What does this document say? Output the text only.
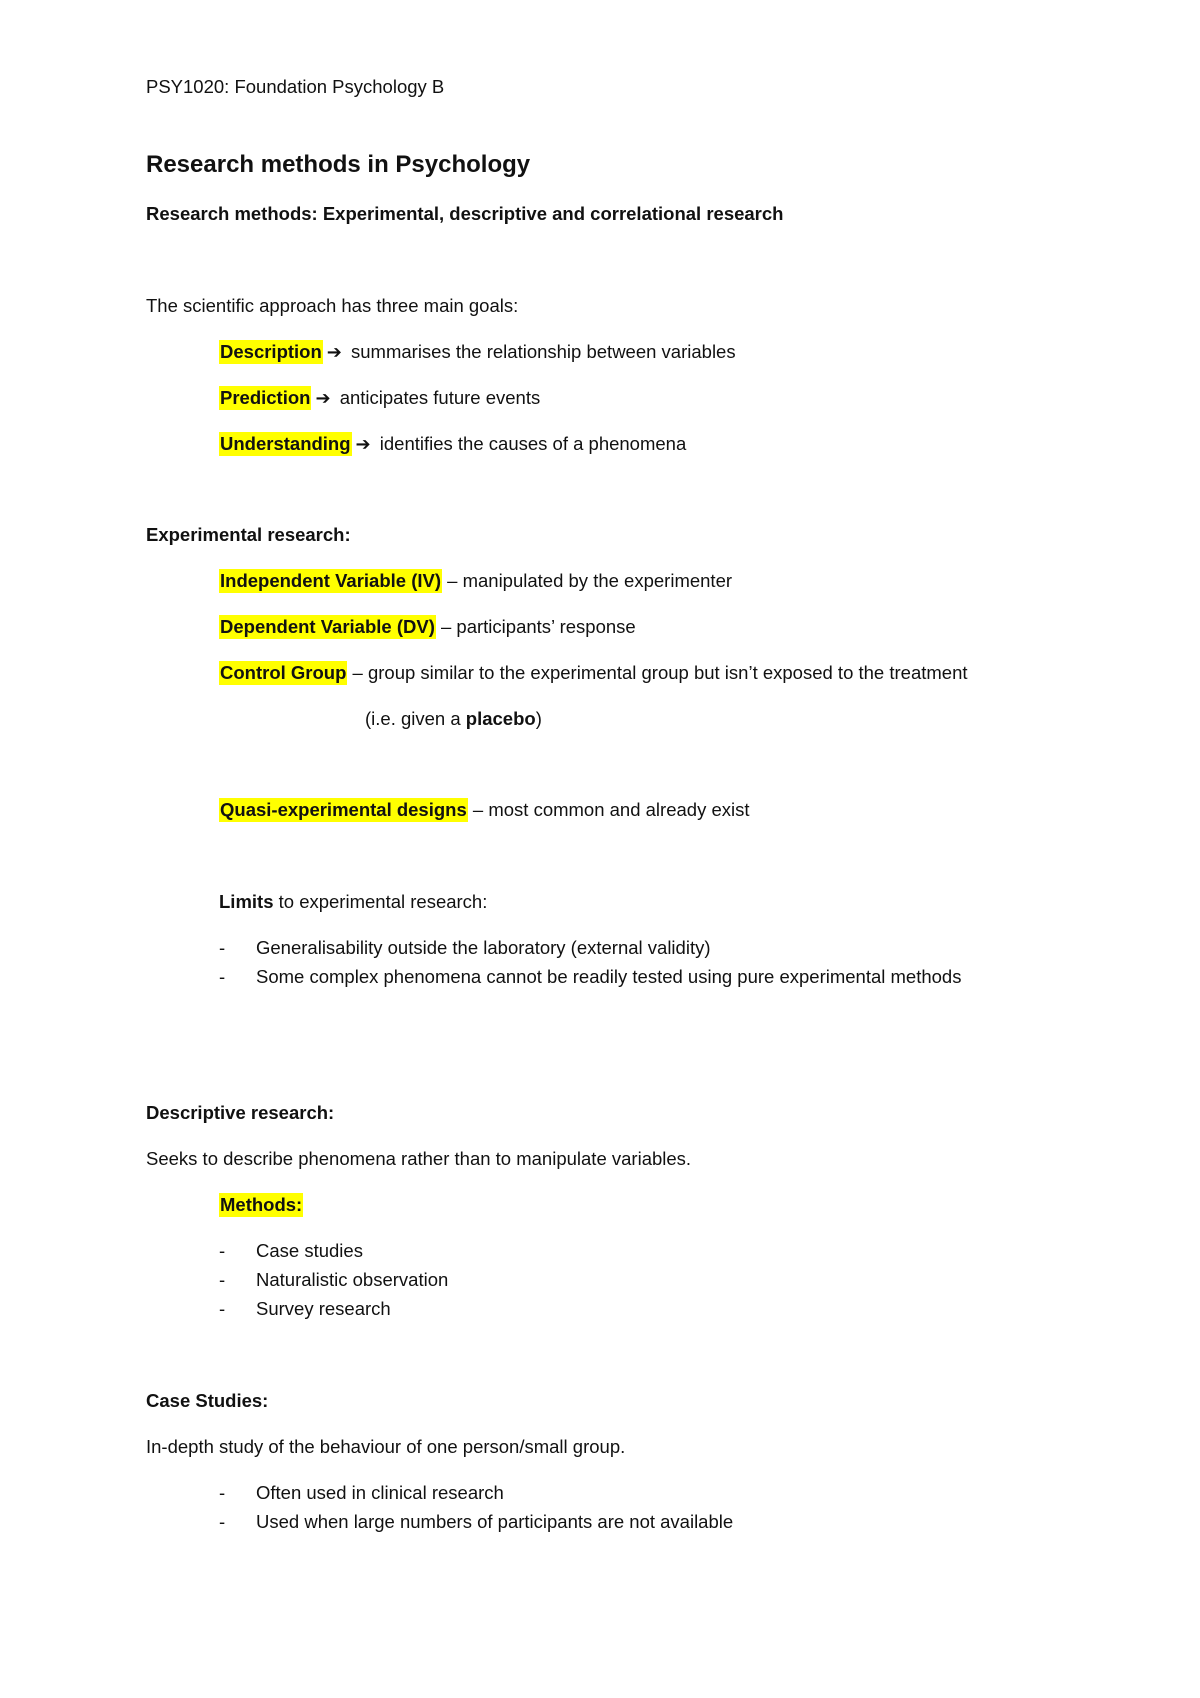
PSY1020: Foundation Psychology B
Research methods in Psychology
Research methods: Experimental, descriptive and correlational research
The scientific approach has three main goals:
Description ➔ summarises the relationship between variables
Prediction ➔ anticipates future events
Understanding ➔ identifies the causes of a phenomena
Experimental research:
Independent Variable (IV) – manipulated by the experimenter
Dependent Variable (DV) – participants’ response
Control Group – group similar to the experimental group but isn’t exposed to the treatment
(i.e. given a placebo)
Quasi-experimental designs – most common and already exist
Limits to experimental research:
- Generalisability outside the laboratory (external validity)
- Some complex phenomena cannot be readily tested using pure experimental methods
Descriptive research:
Seeks to describe phenomena rather than to manipulate variables.
Methods:
- Case studies
- Naturalistic observation
- Survey research
Case Studies:
In-depth study of the behaviour of one person/small group.
- Often used in clinical research
- Used when large numbers of participants are not available
